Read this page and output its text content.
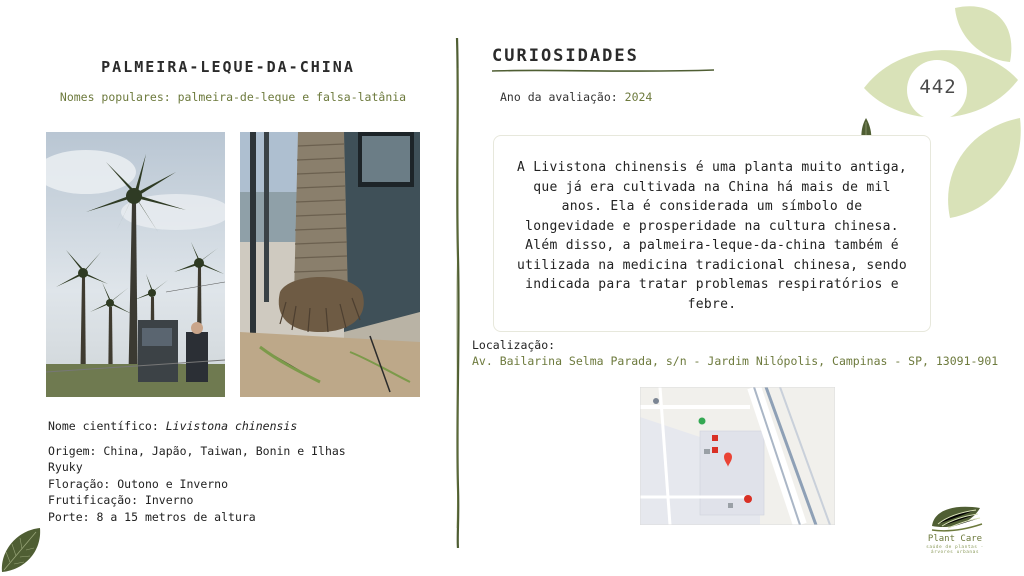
442
PALMEIRA-LEQUE-DA-CHINA
Nomes populares: palmeira-de-leque e falsa-latânia

Nome científico: Livistona chinensis

Origem: China, Japão, Taiwan, Bonin e Ilhas
Ryuky

Floração: Outono e Inverno

Frutificação: Inverno

Porte: 8 a 15 metros de altura

CURIOSIDADES
Ano da avaliação: 2024
A Livistona chinensis é uma planta muito antiga,
que já era cultivada na China há mais de mil
anos. Ela é considerada um símbolo de
longevidade e prosperidade na cultura chinesa.
Além disso, a palmeira-leque-da-china também é
utilizada na medicina tradicional chinesa, sendo
indicada para tratar problemas respiratórios e
febre.
Localização:
Av. Bailarina Selma Parada, s/n - Jardim Nilópolis, Campinas - SP, 13091-901
Plant Care
saúde de plantas · árvores urbanas
